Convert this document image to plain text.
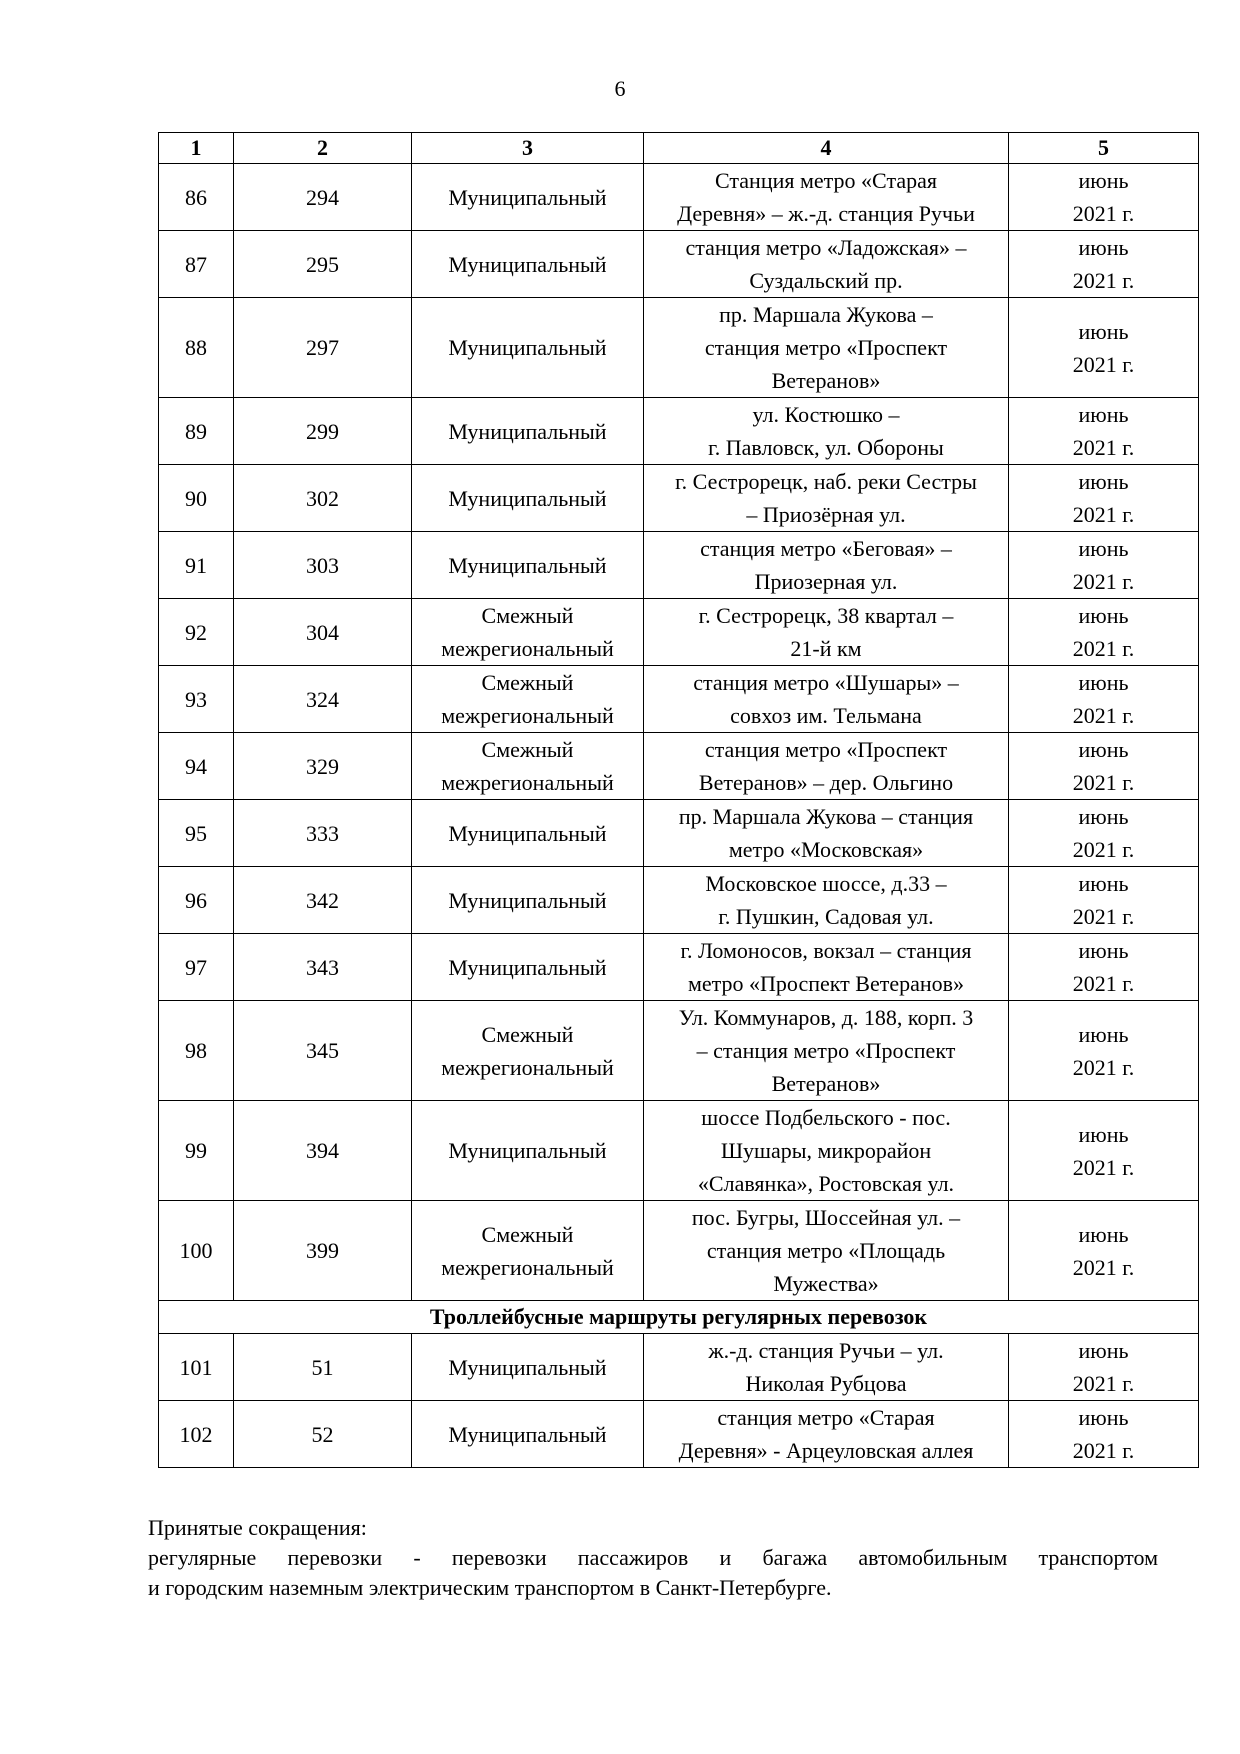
6
1	2	3	4	5
86	294	Муниципальный	Станция метро «Старая
Деревня» – ж.-д. станция Ручьи	июнь
2021 г.

87	295	Муниципальный	станция метро «Ладожская» –
Суздальский пр.	июнь
2021 г.

88	297	Муниципальный	пр. Маршала Жукова –
станция метро «Проспект
Ветеранов»	июнь
2021 г.

89	299	Муниципальный	ул. Костюшко –
г. Павловск, ул. Обороны	июнь
2021 г.

90	302	Муниципальный	г. Сестрорецк, наб. реки Сестры
– Приозёрная ул.	июнь
2021 г.

91	303	Муниципальный	станция метро «Беговая» –
Приозерная ул.	июнь
2021 г.

92	304	Смежный
межрегиональный	г. Сестрорецк, 38 квартал –
21-й км	июнь
2021 г.

93	324	Смежный
межрегиональный	станция метро «Шушары» –
совхоз им. Тельмана	июнь
2021 г.

94	329	Смежный
межрегиональный	станция метро «Проспект
Ветеранов» – дер. Ольгино	июнь
2021 г.

95	333	Муниципальный	пр. Маршала Жукова – станция
метро «Московская»	июнь
2021 г.

96	342	Муниципальный	Московское шоссе, д.33 –
г. Пушкин, Садовая ул.	июнь
2021 г.

97	343	Муниципальный	г. Ломоносов, вокзал – станция
метро «Проспект Ветеранов»	июнь
2021 г.

98	345	Смежный
межрегиональный	Ул. Коммунаров, д. 188, корп. 3
– станция метро «Проспект
Ветеранов»	июнь
2021 г.

99	394	Муниципальный	шоссе Подбельского - пос.
Шушары, микрорайон
«Славянка», Ростовская ул.	июнь
2021 г.

100	399	Смежный
межрегиональный	пос. Бугры, Шоссейная ул. –
станция метро «Площадь
Мужества»	июнь
2021 г.

Троллейбусные маршруты регулярных перевозок				
101	51	Муниципальный	ж.-д. станция Ручьи – ул.
Николая Рубцова	июнь
2021 г.

102	52	Муниципальный	станция метро «Старая
Деревня» - Арцеуловская аллея	июнь
2021 г.

Принятые сокращения:

регулярные перевозки - перевозки пассажиров и багажа автомобильным транспортом

и городским наземным электрическим транспортом в Санкт-Петербурге.
